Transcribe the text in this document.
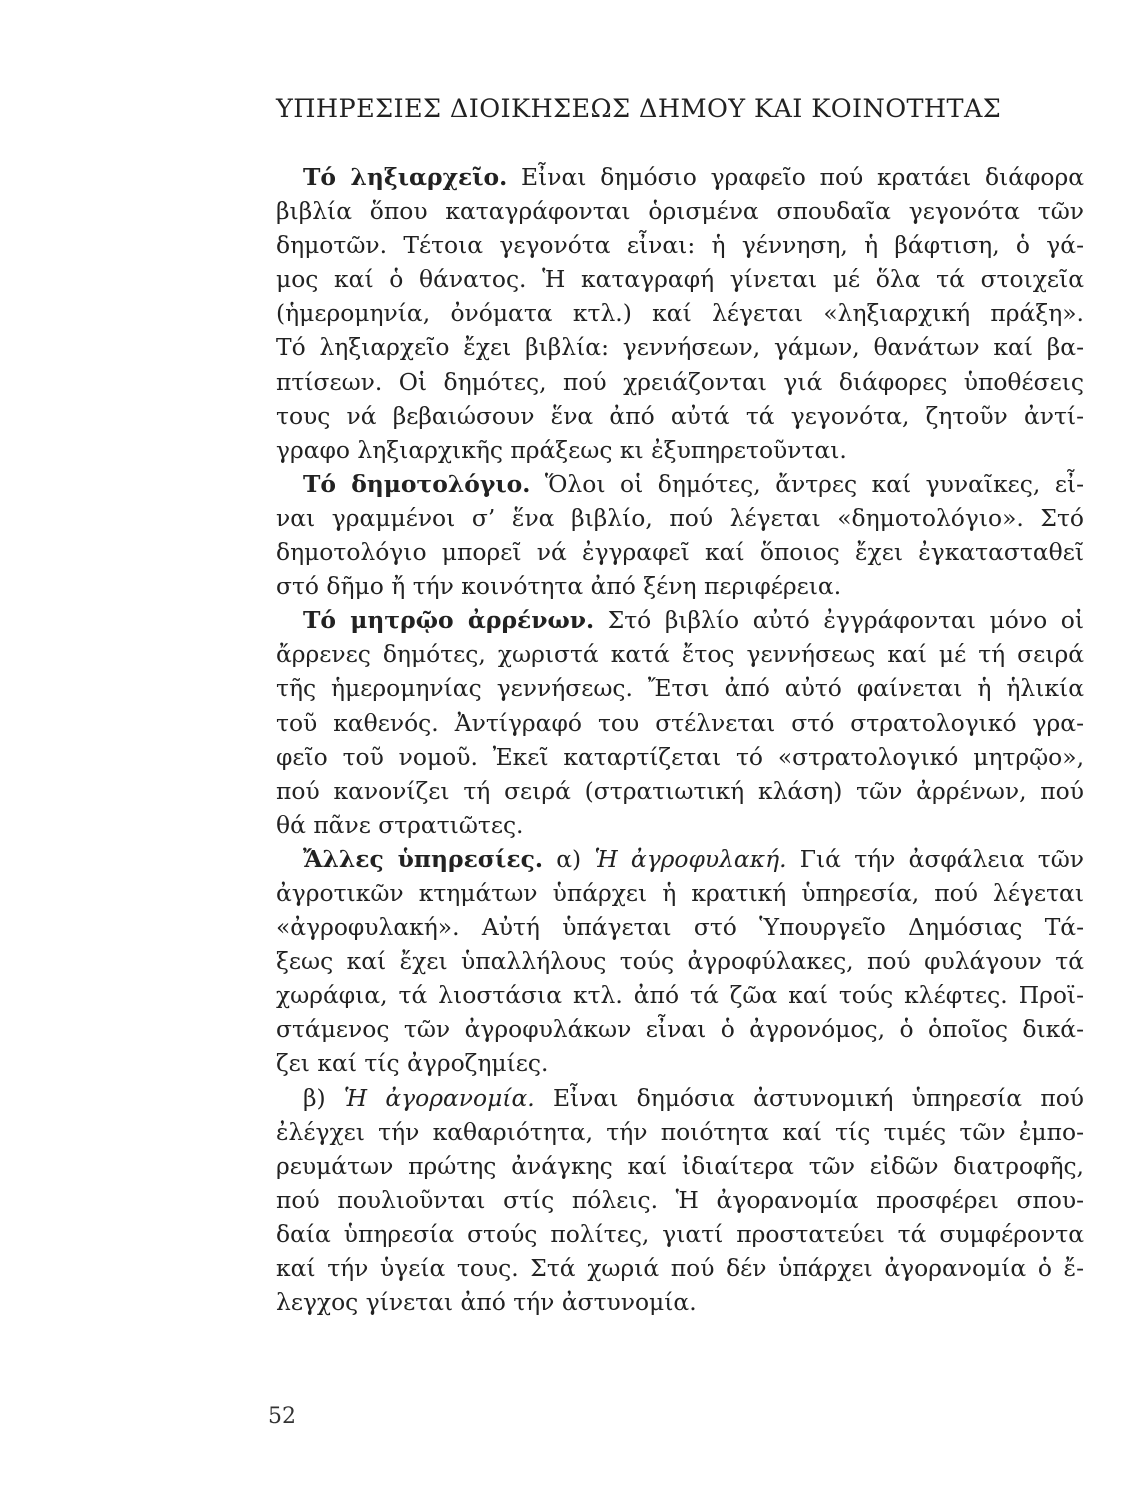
ΥΠΗΡΕΣΙΕΣ ΔΙΟΙΚΗΣΕΩΣ ΔΗΜΟΥ ΚΑΙ ΚΟΙΝΟΤΗΤΑΣ
Τό ληξιαρχεῖο. Εἶναι δημόσιο γραφεῖο πού κρατάει διάφορα
βιβλία ὅπου καταγράφονται ὁρισμένα σπουδαῖα γεγονότα τῶν
δημοτῶν. Τέτοια γεγονότα εἶναι: ἡ γέννηση, ἡ βάφτιση, ὁ γά-
μος καί ὁ θάνατος. Ἡ καταγραφή γίνεται μέ ὅλα τά στοιχεῖα
(ἡμερομηνία, ὀνόματα κτλ.) καί λέγεται «ληξιαρχική πράξη».
Τό ληξιαρχεῖο ἔχει βιβλία: γεννήσεων, γάμων, θανάτων καί βα-
πτίσεων. Οἱ δημότες, πού χρειάζονται γιά διάφορες ὑποθέσεις
τους νά βεβαιώσουν ἕνα ἀπό αὐτά τά γεγονότα, ζητοῦν ἀντί-
γραφο ληξιαρχικῆς πράξεως κι ἐξυπηρετοῦνται.
Τό δημοτολόγιο. Ὅλοι οἱ δημότες, ἄντρες καί γυναῖκες, εἶ-
ναι γραμμένοι σ’ ἕνα βιβλίο, πού λέγεται «δημοτολόγιο». Στό
δημοτολόγιο μπορεῖ νά ἐγγραφεῖ καί ὅποιος ἔχει ἐγκατασταθεῖ
στό δῆμο ἤ τήν κοινότητα ἀπό ξένη περιφέρεια.
Τό μητρῷο ἀρρένων. Στό βιβλίο αὐτό ἐγγράφονται μόνο οἱ
ἄρρενες δημότες, χωριστά κατά ἔτος γεννήσεως καί μέ τή σειρά
τῆς ἡμερομηνίας γεννήσεως. Ἔτσι ἀπό αὐτό φαίνεται ἡ ἡλικία
τοῦ καθενός. Ἀντίγραφό του στέλνεται στό στρατολογικό γρα-
φεῖο τοῦ νομοῦ. Ἐκεῖ καταρτίζεται τό «στρατολογικό μητρῷο»,
πού κανονίζει τή σειρά (στρατιωτική κλάση) τῶν ἀρρένων, πού
θά πᾶνε στρατιῶτες.
Ἄλλες ὑπηρεσίες. α) Ἡ ἀγροφυλακή. Γιά τήν ἀσφάλεια τῶν
ἀγροτικῶν κτημάτων ὑπάρχει ἡ κρατική ὑπηρεσία, πού λέγεται
«ἀγροφυλακή». Αὐτή ὑπάγεται στό Ὑπουργεῖο Δημόσιας Τά-
ξεως καί ἔχει ὑπαλλήλους τούς ἀγροφύλακες, πού φυλάγουν τά
χωράφια, τά λιοστάσια κτλ. ἀπό τά ζῶα καί τούς κλέφτες. Προϊ-
στάμενος τῶν ἀγροφυλάκων εἶναι ὁ ἀγρονόμος, ὁ ὁποῖος δικά-
ζει καί τίς ἀγροζημίες.
β) Ἡ ἀγορανομία. Εἶναι δημόσια ἀστυνομική ὑπηρεσία πού
ἐλέγχει τήν καθαριότητα, τήν ποιότητα καί τίς τιμές τῶν ἐμπο-
ρευμάτων πρώτης ἀνάγκης καί ἰδιαίτερα τῶν εἰδῶν διατροφῆς,
πού πουλιοῦνται στίς πόλεις. Ἡ ἀγορανομία προσφέρει σπου-
δαία ὑπηρεσία στούς πολίτες, γιατί προστατεύει τά συμφέροντα
καί τήν ὑγεία τους. Στά χωριά πού δέν ὑπάρχει ἀγορανομία ὁ ἔ-
λεγχος γίνεται ἀπό τήν ἀστυνομία.
52
